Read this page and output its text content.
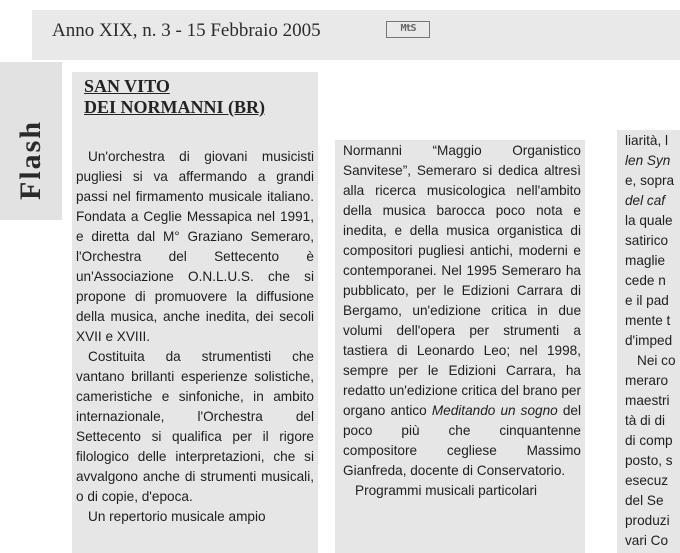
Anno XIX, n. 3 - 15 Febbraio 2005	MtS
Flash
SAN VITO
DEI NORMANNI (BR)

Un'orchestra di giovani musicisti pugliesi si va affermando a grandi passi nel firmamento musicale italiano. Fondata a Ceglie Messapica nel 1991, e diretta dal M° Graziano Semeraro, l'Orchestra del Settecento è un'Associazione O.N.L.U.S. che si propone di promuovere la diffusione della musica, anche inedita, dei secoli XVII e XVIII.

Costituita da strumentisti che vantano brillanti esperienze solistiche, cameristiche e sinfoniche, in ambito internazionale, l'Orchestra del Settecento si qualifica per il rigore filologico delle interpretazioni, che si avvalgono anche di strumenti musicali, o di copie, d'epoca.

Un repertorio musicale ampio

Normanni “Maggio Organistico Sanvitese”, Semeraro si dedica altresì alla ricerca musicologica nell'ambito della musica barocca poco nota e inedita, e della musica organistica di compositori pugliesi antichi, moderni e contemporanei. Nel 1995 Semeraro ha pubblicato, per le Edizioni Carrara di Bergamo, un'edizione critica in due volumi dell'opera per strumenti a tastiera di Leonardo Leo; nel 1998, sempre per le Edizioni Carrara, ha redatto un'edizione critica del brano per organo antico Meditando un sogno del poco più che cinquantenne compositore cegliese Massimo Gianfreda, docente di Conservatorio.

Programmi musicali particolari

liarità, l
len Syn
e, sopra
del caf
la quale
satirico
maglie
cede n
e il pad
mente t
d'imped
Nei co
meraro
maestri
tà di di
di comp
posto, s
esecuz
del Se
produzi
vari Co
